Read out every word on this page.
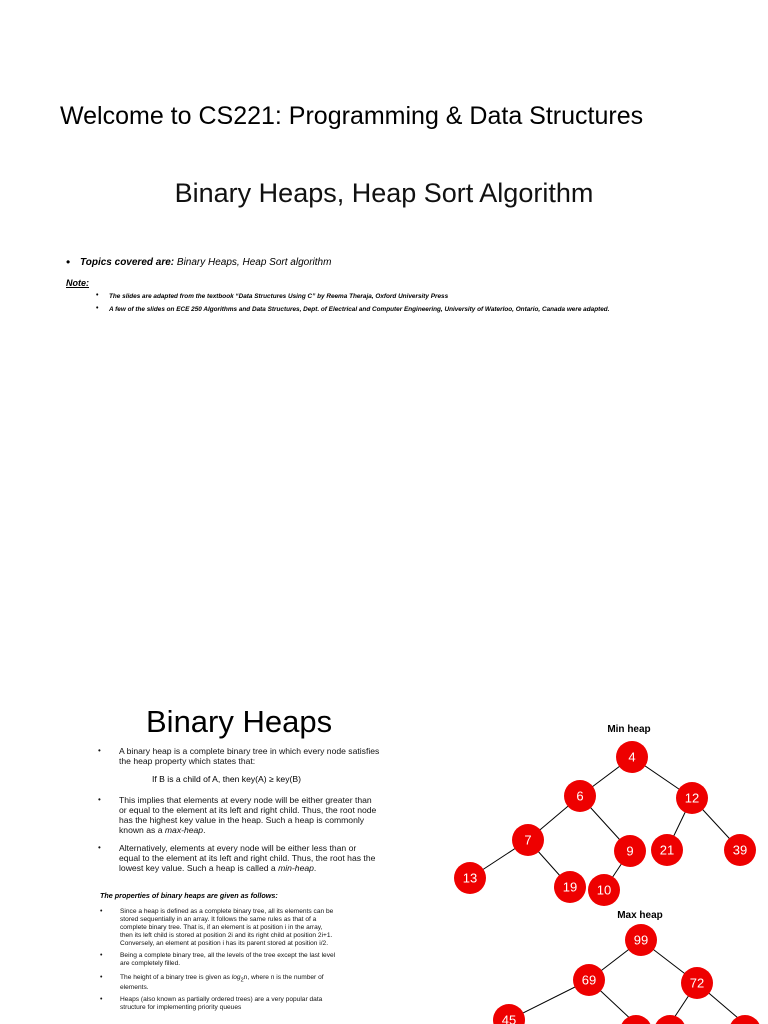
Welcome to CS221: Programming & Data Structures
Binary Heaps, Heap Sort Algorithm
• Topics covered are: Binary Heaps, Heap Sort algorithm
Note:
• The slides are adapted from the textbook “Data Structures Using C” by Reema Theraja, Oxford University Press
• A few of the slides on ECE 250 Algorithms and Data Structures, Dept. of Electrical and Computer Engineering, University of Waterloo, Ontario, Canada were adapted.
Binary Heaps
• A binary heap is a complete binary tree in which every node satisfies
the heap property which states that:
If B is a child of A, then key(A) ≥ key(B)
• This implies that elements at every node will be either greater than
or equal to the element at its left and right child. Thus, the root node
has the highest key value in the heap. Such a heap is commonly
known as a max-heap.
• Alternatively, elements at every node will be either less than or
equal to the element at its left and right child. Thus, the root has the
lowest key value. Such a heap is called a min-heap.
The properties of binary heaps are given as follows:
•	Since a heap is defined as a complete binary tree, all its elements can be
stored sequentially in an array. It follows the same rules as that of a
complete binary tree. That is, if an element is at position i in the array,
then its left child is stored at position 2i and its right child at position 2i+1.
Conversely, an element at position i has its parent stored at position i/2.
•	Being a complete binary tree, all the levels of the tree except the last level
are completely filled.
•	The height of a binary tree is given as $\log_2n$, where n is the number of
elements.
•	Heaps (also known as partially ordered trees) are a very popular data
structure for implementing priority queues
Min heap
4
6	12
7
9 21	39
13
19 10
Max heap
99
69	72
45
